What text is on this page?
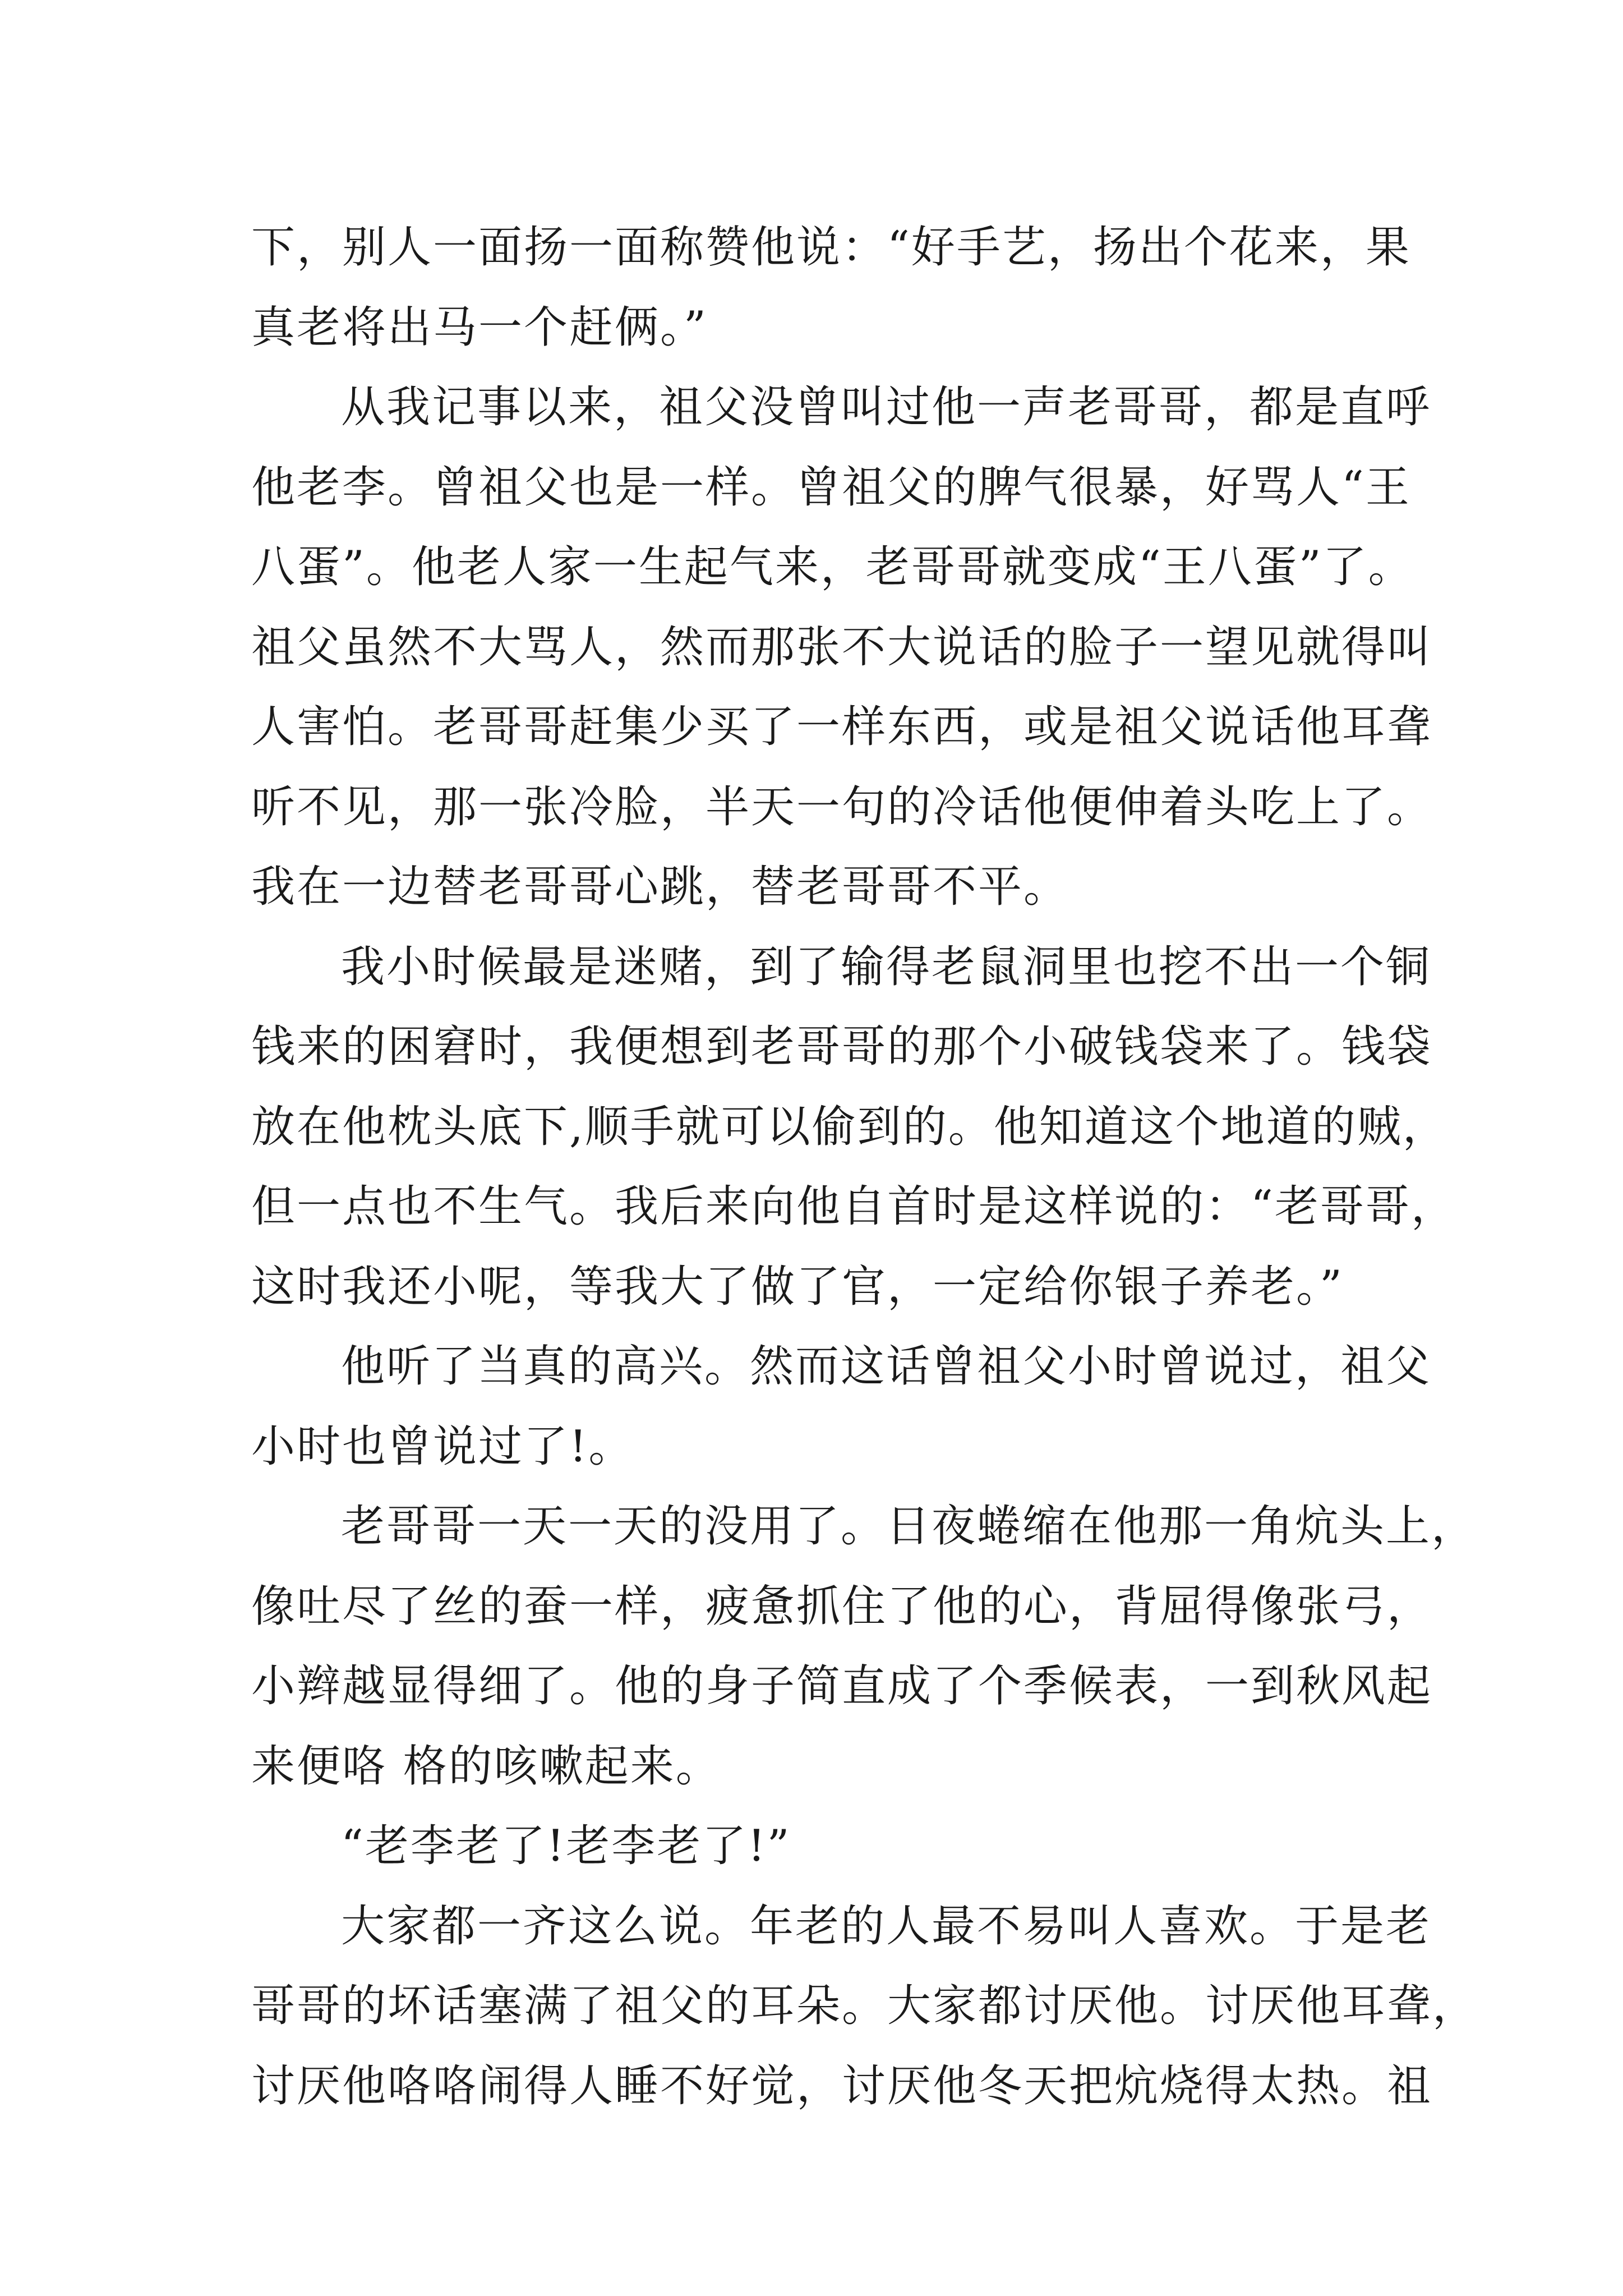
下，别人一面扬一面称赞他说：“好手艺，扬出个花来，果
真老将出马一个赶俩。”
从我记事以来，祖父没曾叫过他一声老哥哥，都是直呼
他老李。曾祖父也是一样。曾祖父的脾气很暴，好骂人“王
八蛋”。他老人家一生起气来，老哥哥就变成“王八蛋”了。
祖父虽然不大骂人，然而那张不大说话的脸子一望见就得叫
人害怕。老哥哥赶集少买了一样东西，或是祖父说话他耳聋
听不见，那一张冷脸，半天一句的冷话他便伸着头吃上了。
我在一边替老哥哥心跳，替老哥哥不平。
我小时候最是迷赌，到了输得老鼠洞里也挖不出一个铜
钱来的困窘时，我便想到老哥哥的那个小破钱袋来了。钱袋
放在他枕头底下,顺手就可以偷到的。他知道这个地道的贼，
但一点也不生气。我后来向他自首时是这样说的：“老哥哥，
这时我还小呢，等我大了做了官，一定给你银子养老。”
他听了当真的高兴。然而这话曾祖父小时曾说过，祖父
小时也曾说过了!。
老哥哥一天一天的没用了。日夜蜷缩在他那一角炕头上，
像吐尽了丝的蚕一样，疲惫抓住了他的心，背屈得像张弓，
小辫越显得细了。他的身子简直成了个季候表，一到秋风起
来便咯 格的咳嗽起来。
“老李老了!老李老了!”
大家都一齐这么说。年老的人最不易叫人喜欢。于是老
哥哥的坏话塞满了祖父的耳朵。大家都讨厌他。讨厌他耳聋，
讨厌他咯咯闹得人睡不好觉，讨厌他冬天把炕烧得太热。祖
